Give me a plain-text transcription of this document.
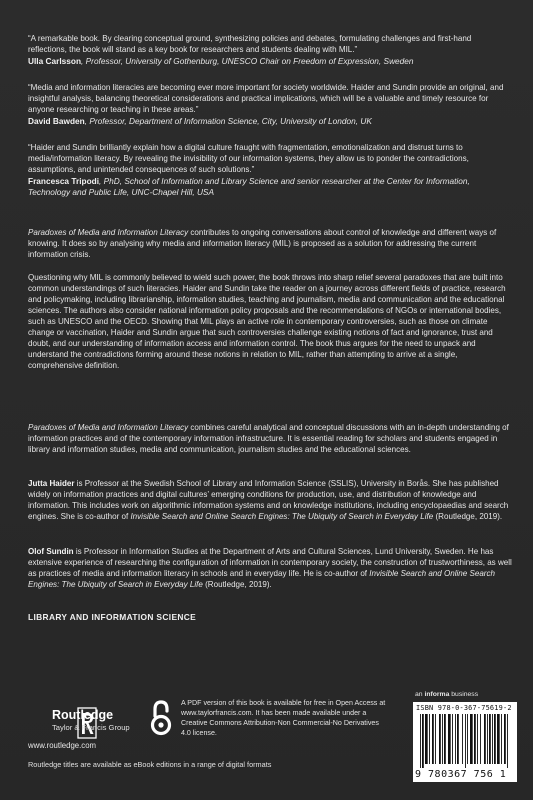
“A remarkable book. By clearing conceptual ground, synthesizing policies and debates, formulating challenges and first-hand reflections, the book will stand as a key book for researchers and students dealing with MIL.”

Ulla Carlsson, Professor, University of Gothenburg, UNESCO Chair on Freedom of Expression, Sweden

“Media and information literacies are becoming ever more important for society worldwide. Haider and Sundin provide an original, and insightful analysis, balancing theoretical considerations and practical implications, which will be a valuable and timely resource for anyone researching or teaching in these areas.”

David Bawden, Professor, Department of Information Science, City, University of London, UK

“Haider and Sundin brilliantly explain how a digital culture fraught with fragmentation, emotionalization and distrust turns to media/information literacy. By revealing the invisibility of our information systems, they allow us to ponder the contradictions, assumptions, and unintended consequences of such solutions.”

Francesca Tripodi, PhD, School of Information and Library Science and senior researcher at the Center for Information, Technology and Public Life, UNC-Chapel Hill, USA

Paradoxes of Media and Information Literacy contributes to ongoing conversations about control of knowledge and different ways of knowing. It does so by analysing why media and information literacy (MIL) is proposed as a solution for addressing the current information crisis.

Questioning why MIL is commonly believed to wield such power, the book throws into sharp relief several paradoxes that are built into common understandings of such literacies. Haider and Sundin take the reader on a journey across different fields of practice, research and policymaking, including librarianship, information studies, teaching and journalism, media and communication and the educational sciences. The authors also consider national information policy proposals and the recommendations of NGOs or international bodies, such as UNESCO and the OECD. Showing that MIL plays an active role in contemporary controversies, such as those on climate change or vaccination, Haider and Sundin argue that such controversies challenge existing notions of fact and ignorance, trust and doubt, and our understanding of information access and information control. The book thus argues for the need to unpack and understand the contradictions forming around these notions in relation to MIL, rather than attempting to arrive at a single, comprehensive definition.

Paradoxes of Media and Information Literacy combines careful analytical and conceptual discussions with an in-depth understanding of information practices and of the contemporary information infrastructure. It is essential reading for scholars and students engaged in library and information studies, media and communication, journalism studies and the educational sciences.

Jutta Haider is Professor at the Swedish School of Library and Information Science (SSLIS), University in Borås. She has published widely on information practices and digital cultures’ emerging conditions for production, use, and distribution of knowledge and information. This includes work on algorithmic information systems and on knowledge institutions, including encyclopaedias and search engines. She is co-author of Invisible Search and Online Search Engines: The Ubiquity of Search in Everyday Life (Routledge, 2019).

Olof Sundin is Professor in Information Studies at the Department of Arts and Cultural Sciences, Lund University, Sweden. He has extensive experience of researching the configuration of information in contemporary society, the construction of trustworthiness, as well as practices of media and information literacy in schools and in everyday life. He is co-author of Invisible Search and Online Search Engines: The Ubiquity of Search in Everyday Life (Routledge, 2019).

LIBRARY AND INFORMATION SCIENCE

Routledge
Taylor & Francis Group
www.routledge.com

A PDF version of this book is available for free in Open Access at www.taylorfrancis.com. It has been made available under a Creative Commons Attribution-Non Commercial-No Derivatives 4.0 license.

an informa business
ISBN 978-0-367-75619-2
9 780367 756 1

Routledge titles are available as eBook editions in a range of digital formats
